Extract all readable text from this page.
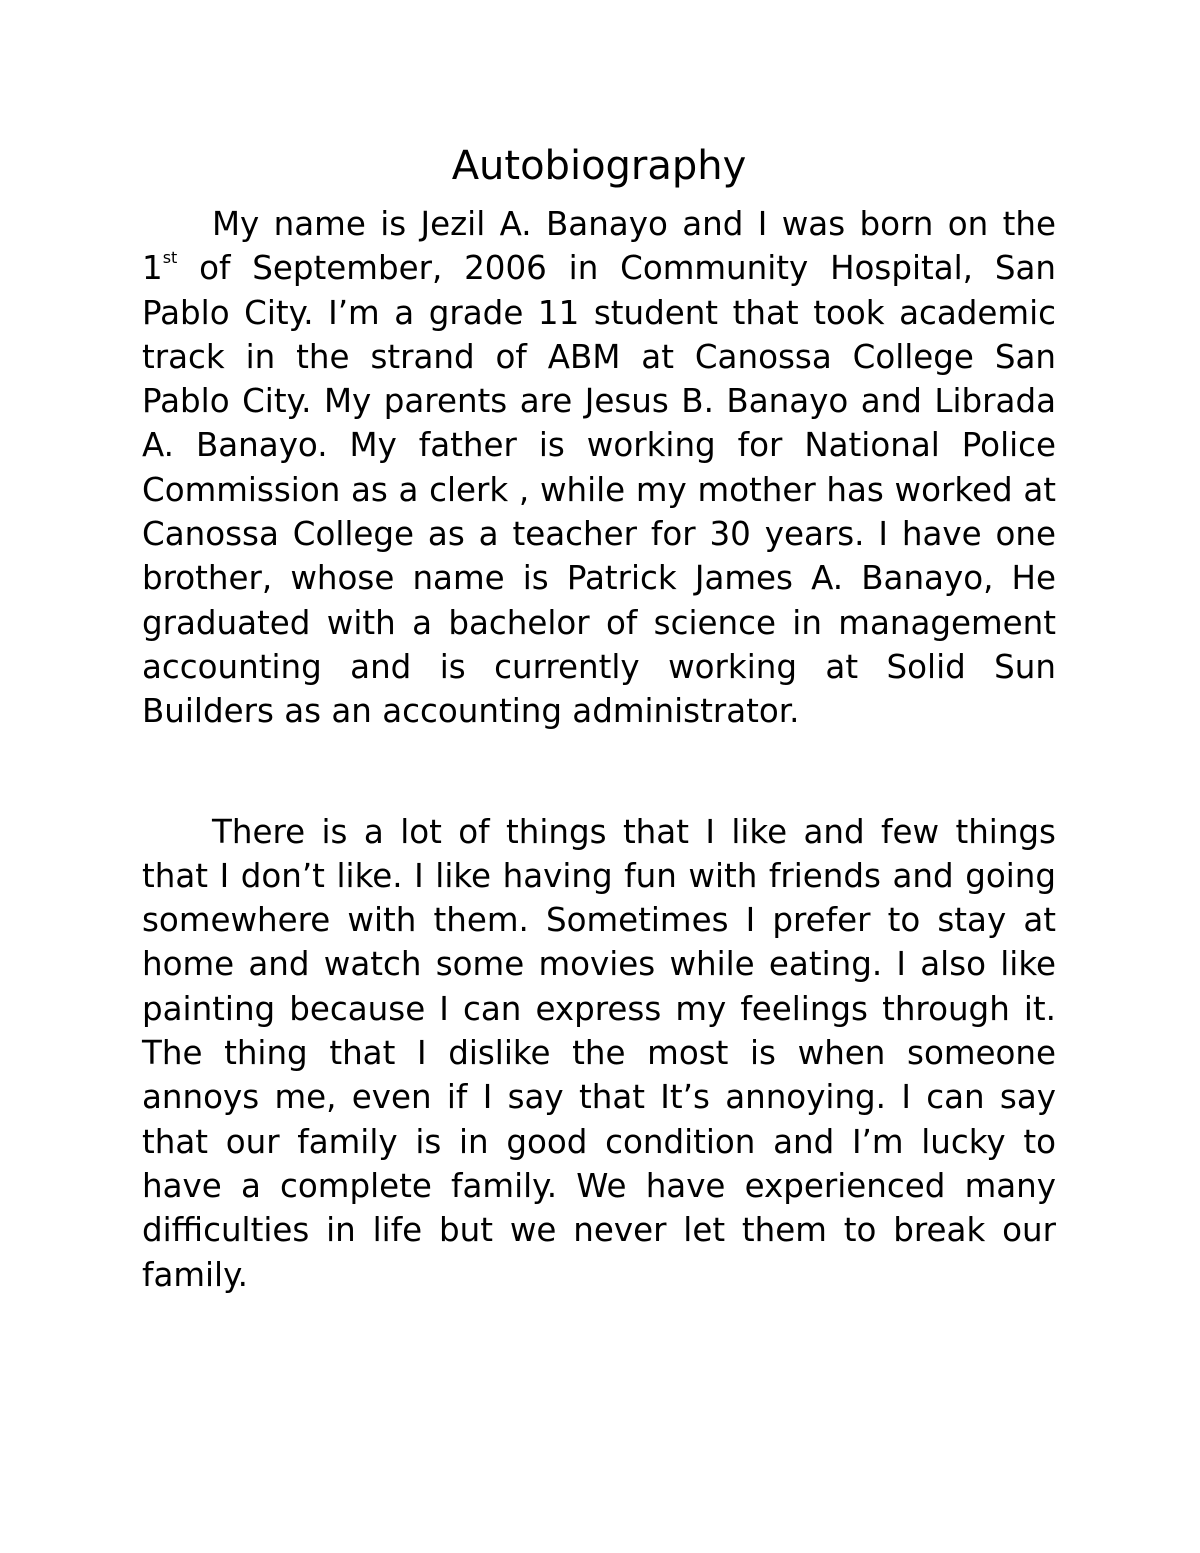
Autobiography

My name is Jezil A. Banayo and I was born on the 1st of September, 2006 in Community Hospital, San Pablo City. I’m a grade 11 student that took academic track in the strand of ABM at Canossa College San Pablo City. My parents are Jesus B. Banayo and Librada A. Banayo. My father is working for National Police Commission as a clerk , while my mother has worked at Canossa College as a teacher for 30 years. I have one brother, whose name is Patrick James A. Banayo, He graduated with a bachelor of science in management accounting and is currently working at Solid Sun Builders as an accounting administrator.

There is a lot of things that I like and few things that I don’t like. I like having fun with friends and going somewhere with them. Sometimes I prefer to stay at home and watch some movies while eating. I also like painting because I can express my feelings through it. The thing that I dislike the most is when someone annoys me, even if I say that It’s annoying. I can say that our family is in good condition and I’m lucky to have a complete family. We have experienced many difficulties in life but we never let them to break our family.
